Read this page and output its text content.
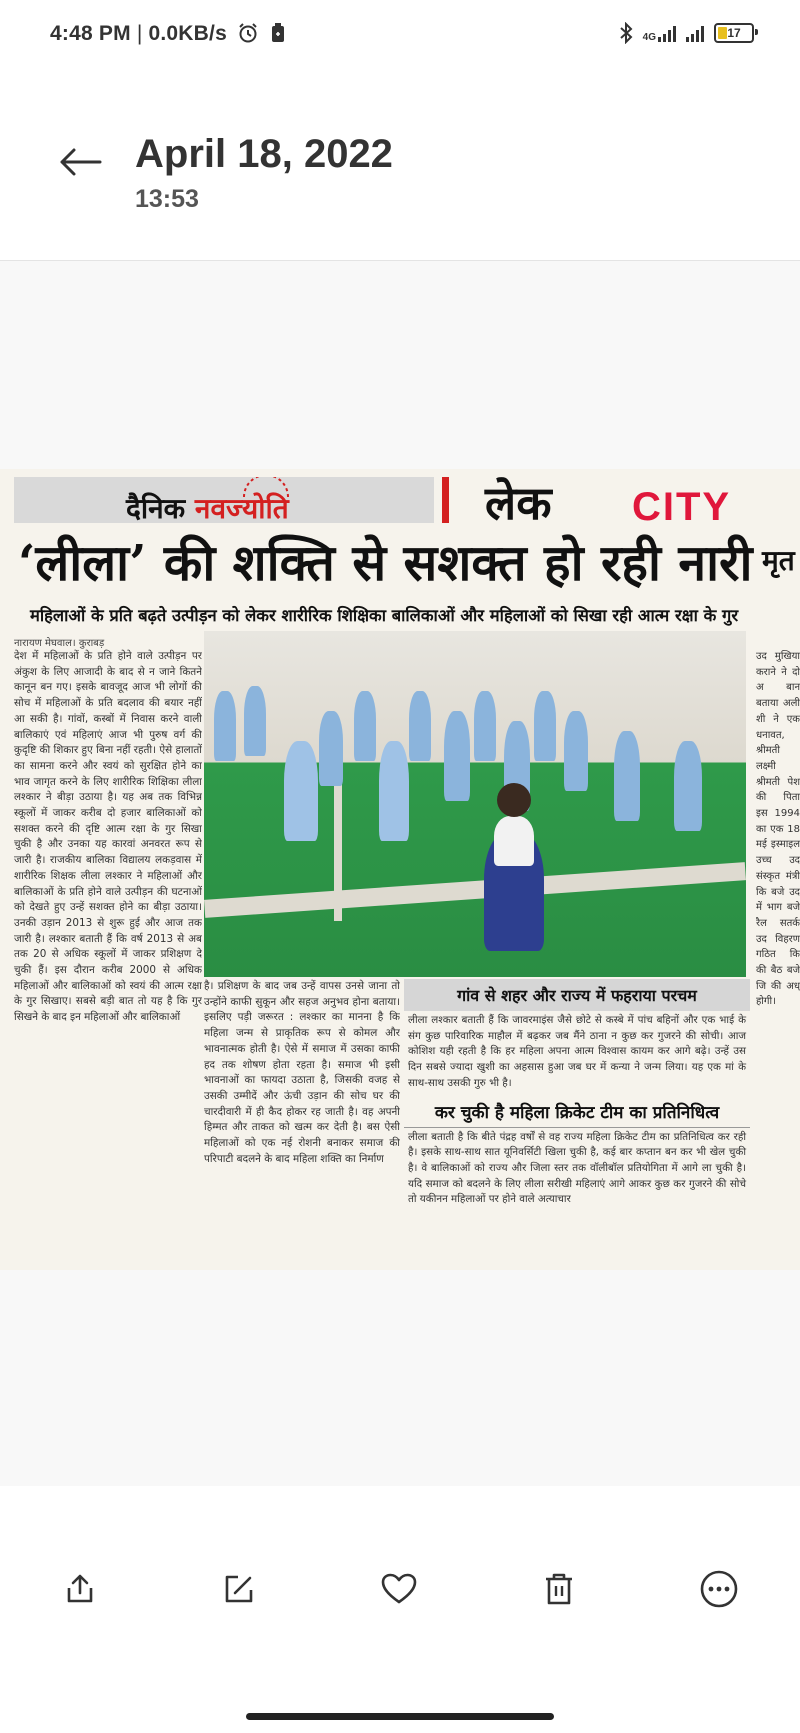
4:48 PM | 0.0KB/s	4G	17
April 18, 2022
13:53
दैनिक नवज्योति	लेक CITY
‘लीला’ की शक्ति से सशक्त हो रही नारी मृत
महिलाओं के प्रति बढ़ते उत्पीड़न को लेकर शारीरिक शिक्षिका बालिकाओं और महिलाओं को सिखा रही आत्म रक्षा के गुर
नारायण मेघवाल। कुराबड़
देश में महिलाओं के प्रति होने वाले उत्पीड़न पर अंकुश के लिए आजादी के बाद से न जाने कितने कानून बन गए। इसके बावजूद आज भी लोगों की सोच में महिलाओं के प्रति बदलाव की बयार नहीं आ सकी है। गांवों, कस्बों में निवास करने वाली बालिकाएं एवं महिलाएं आज भी पुरुष वर्ग की कुदृष्टि की शिकार हुए बिना नहीं रहती। ऐसे हालातों का सामना करने और स्वयं को सुरक्षित होने का भाव जागृत करने के लिए शारीरिक शिक्षिका लीला लश्कार ने बीड़ा उठाया है। यह अब तक विभिन्न स्कूलों में जाकर करीब दो हजार बालिकाओं को सशक्त करने की दृष्टि आत्म रक्षा के गुर सिखा चुकी है और उनका यह कारवां अनवरत रूप से जारी है। राजकीय बालिका विद्यालय लकड़वास में शारीरिक शिक्षक लीला लश्कार ने महिलाओं और बालिकाओं के प्रति होने वाले उत्पीड़न की घटनाओं को देखते हुए उन्हें सशक्त होने का बीड़ा उठाया। उनकी उड़ान 2013 से शुरू हुई और आज तक जारी है। लश्कार बताती हैं कि वर्ष 2013 से अब तक 20 से अधिक स्कूलों में जाकर प्रशिक्षण दे चुकी हैं। इस दौरान करीब 2000 से अधिक महिलाओं और बालिकाओं को स्वयं की आत्म रक्षा के गुर सिखाए। सबसे बड़ी बात तो यह है कि गुर सिखने के बाद इन महिलाओं और बालिकाओं
है। प्रशिक्षण के बाद जब उन्हें वापस उनसे जाना तो उन्होंने काफी सुकून और सहज अनुभव होना बताया। इसलिए पड़ी जरूरत : लश्कार का मानना है कि महिला जन्म से प्राकृतिक रूप से कोमल और भावनात्मक होती है। ऐसे में समाज में उसका काफी हद तक शोषण होता रहता है। समाज भी इसी भावनाओं का फायदा उठाता है, जिसकी वजह से उसकी उम्मीदें और ऊंची उड़ान की सोच घर की चारदीवारी में ही कैद होकर रह जाती है। वह अपनी हिम्मत और ताकत को खत्म कर देती है। बस ऐसी महिलाओं को एक नई रोशनी बनाकर समाज की परिपाटी बदलने के बाद महिला शक्ति का निर्माण
गांव से शहर और राज्य में फहराया परचम
लीला लश्कार बताती हैं कि जावरमाइंस जैसे छोटे से कस्बे में पांच बहिनों और एक भाई के संग कुछ पारिवारिक माहौल में बढ़कर जब मैंने ठाना न कुछ कर गुजरने की सोची। आज कोशिश यही रहती है कि हर महिला अपना आत्म विश्वास कायम कर आगे बढ़े। उन्हें उस दिन सबसे ज्यादा खुशी का अहसास हुआ जब घर में कन्या ने जन्म लिया। यह एक मां के साथ-साथ उसकी गुरु भी है।
कर चुकी है महिला क्रिकेट टीम का प्रतिनिधित्व
लीला बताती है कि बीते पंद्रह वर्षों से वह राज्य महिला क्रिकेट टीम का प्रतिनिधित्व कर रही है। इसके साथ-साथ सात यूनिवर्सिटी खिला चुकी है, कई बार कप्तान बन कर भी खेल चुकी है। वे बालिकाओं को राज्य और जिला स्तर तक वॉलीबॉल प्रतियोगिता में आगे ला चुकी है। यदि समाज को बदलने के लिए लीला सरीखी महिलाएं आगे आकर कुछ कर गुजरने की सोचे तो यकीनन महिलाओं पर होने वाले अत्याचार
उद मुखिया कराने ने दो अ बान बताया अली शी ने एक धनावत, श्रीमती लक्ष्मी श्रीमती पेश की पिता इस 1994 का एक 18 मई इस्माइल उच्च उद संस्कृत मंत्री कि बजे उद में भाग बजे रैल सतर्क उद विहरण गठित कि की बैठ बजे जि की अध् होगी।
